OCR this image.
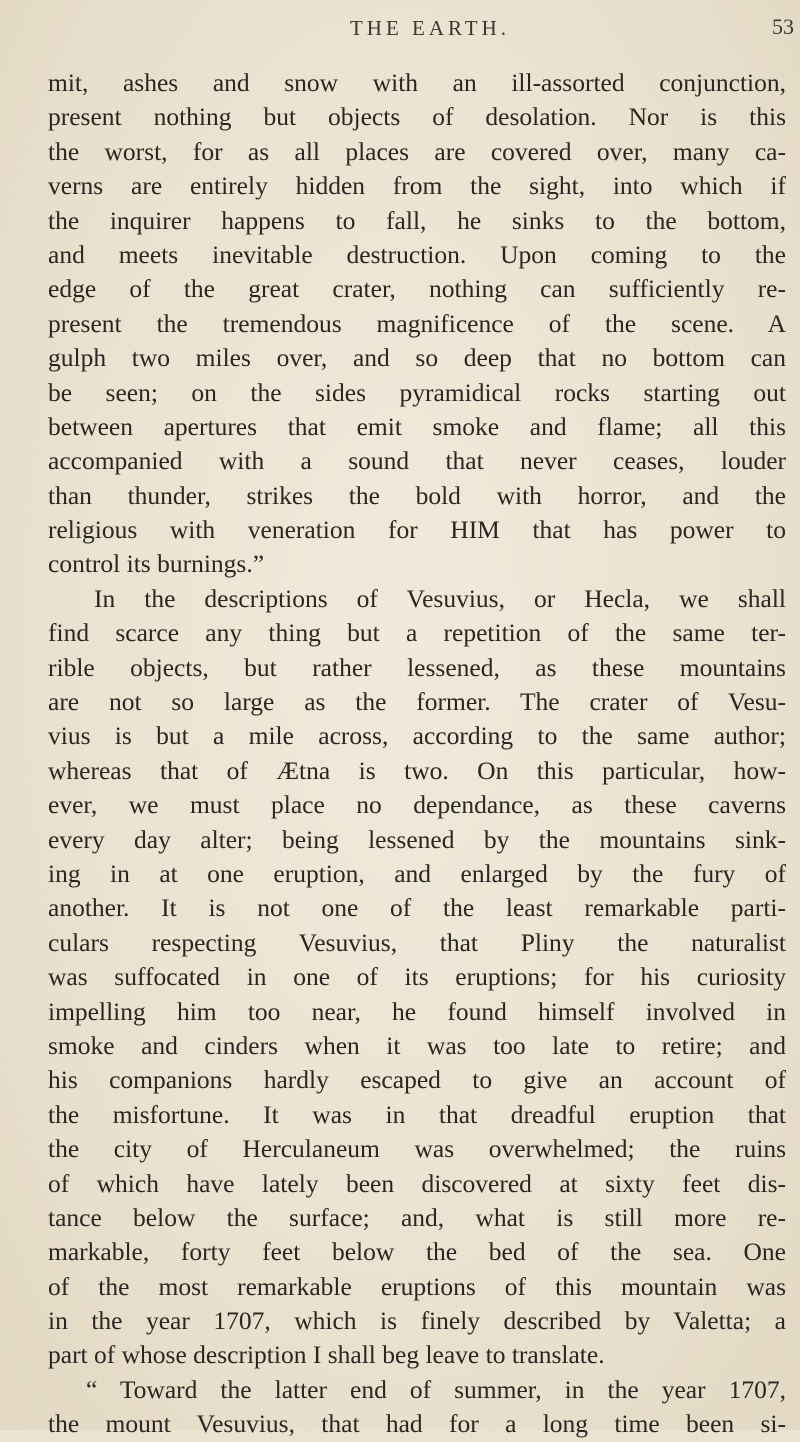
THE EARTH.	53
mit, ashes and snow with an ill-assorted conjunction,
present nothing but objects of desolation. Nor is this
the worst, for as all places are covered over, many ca-
verns are entirely hidden from the sight, into which if
the inquirer happens to fall, he sinks to the bottom,
and meets inevitable destruction. Upon coming to the
edge of the great crater, nothing can sufficiently re-
present the tremendous magnificence of the scene. A
gulph two miles over, and so deep that no bottom can
be seen; on the sides pyramidical rocks starting out
between apertures that emit smoke and flame; all this
accompanied with a sound that never ceases, louder
than thunder, strikes the bold with horror, and the
religious with veneration for HIM that has power to
control its burnings.”
In the descriptions of Vesuvius, or Hecla, we shall
find scarce any thing but a repetition of the same ter-
rible objects, but rather lessened, as these mountains
are not so large as the former. The crater of Vesu-
vius is but a mile across, according to the same author;
whereas that of Ætna is two. On this particular, how-
ever, we must place no dependance, as these caverns
every day alter; being lessened by the mountains sink-
ing in at one eruption, and enlarged by the fury of
another. It is not one of the least remarkable parti-
culars respecting Vesuvius, that Pliny the naturalist
was suffocated in one of its eruptions; for his curiosity
impelling him too near, he found himself involved in
smoke and cinders when it was too late to retire; and
his companions hardly escaped to give an account of
the misfortune. It was in that dreadful eruption that
the city of Herculaneum was overwhelmed; the ruins
of which have lately been discovered at sixty feet dis-
tance below the surface; and, what is still more re-
markable, forty feet below the bed of the sea. One
of the most remarkable eruptions of this mountain was
in the year 1707, which is finely described by Valetta; a
part of whose description I shall beg leave to translate.
“ Toward the latter end of summer, in the year 1707,
the mount Vesuvius, that had for a long time been si-
